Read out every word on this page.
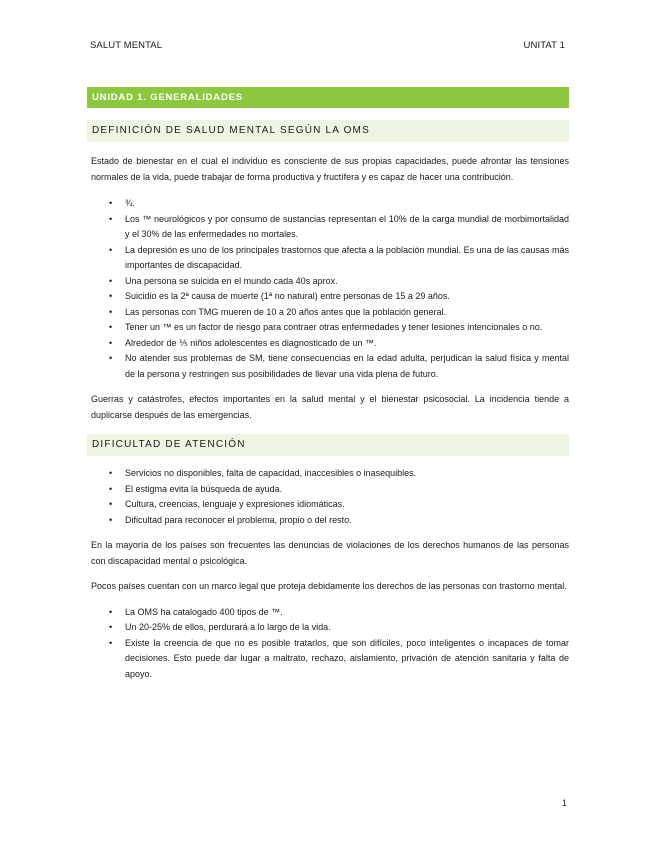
SALUT MENTAL	UNITAT 1
UNIDAD 1. GENERALIDADES
DEFINICIÓN DE SALUD MENTAL SEGÚN LA OMS

Estado de bienestar en el cual el individuo es consciente de sus propias capacidades, puede afrontar las tensiones normales de la vida, puede trabajar de forma productiva y fructífera y es capaz de hacer una contribución.

• ¾.
• Los ™ neurológicos y por consumo de sustancias representan el 10% de la carga mundial de morbimortalidad y el 30% de las enfermedades no mortales.
• La depresión es uno de los principales trastornos que afecta a la población mundial. Es una de las causas más importantes de discapacidad.
• Una persona se suicida en el mundo cada 40s aprox.
• Suicidio es la 2ª causa de muerte (1ª no natural) entre personas de 15 a 29 años.
• Las personas con TMG mueren de 10 a 20 años antes que la población general.
• Tener un ™ es un factor de riesgo para contraer otras enfermedades y tener lesiones intencionales o no.
• Alrededor de ⅕ niños adolescentes es diagnosticado de un ™.
• No atender sus problemas de SM, tiene consecuencias en la edad adulta, perjudican la salud física y mental de la persona y restringen sus posibilidades de llevar una vida plena de futuro.

Guerras y catástrofes, efectos importantes en la salud mental y el bienestar psicosocial. La incidencia tiende a duplicarse después de las emergencias.

DIFICULTAD DE ATENCIÓN
• Servicios no disponibles, falta de capacidad, inaccesibles o inasequibles.
• El estigma evita la búsqueda de ayuda.
• Cultura, creencias, lenguaje y expresiones idiomáticas.
• Dificultad para reconocer el problema, propio o del resto.

En la mayoría de los países son frecuentes las denuncias de violaciones de los derechos humanos de las personas con discapacidad mental o psicológica.

Pocos países cuentan con un marco legal que proteja debidamente los derechos de las personas con trastorno mental.

• La OMS ha catalogado 400 tipos de ™.
• Un 20-25% de ellos, perdurará a lo largo de la vida.
• Existe la creencia de que no es posible tratarlos, que son difíciles, poco inteligentes o incapaces de tomar decisiones. Esto puede dar lugar a maltrato, rechazo, aislamiento, privación de atención sanitaria y falta de apoyo.
1
